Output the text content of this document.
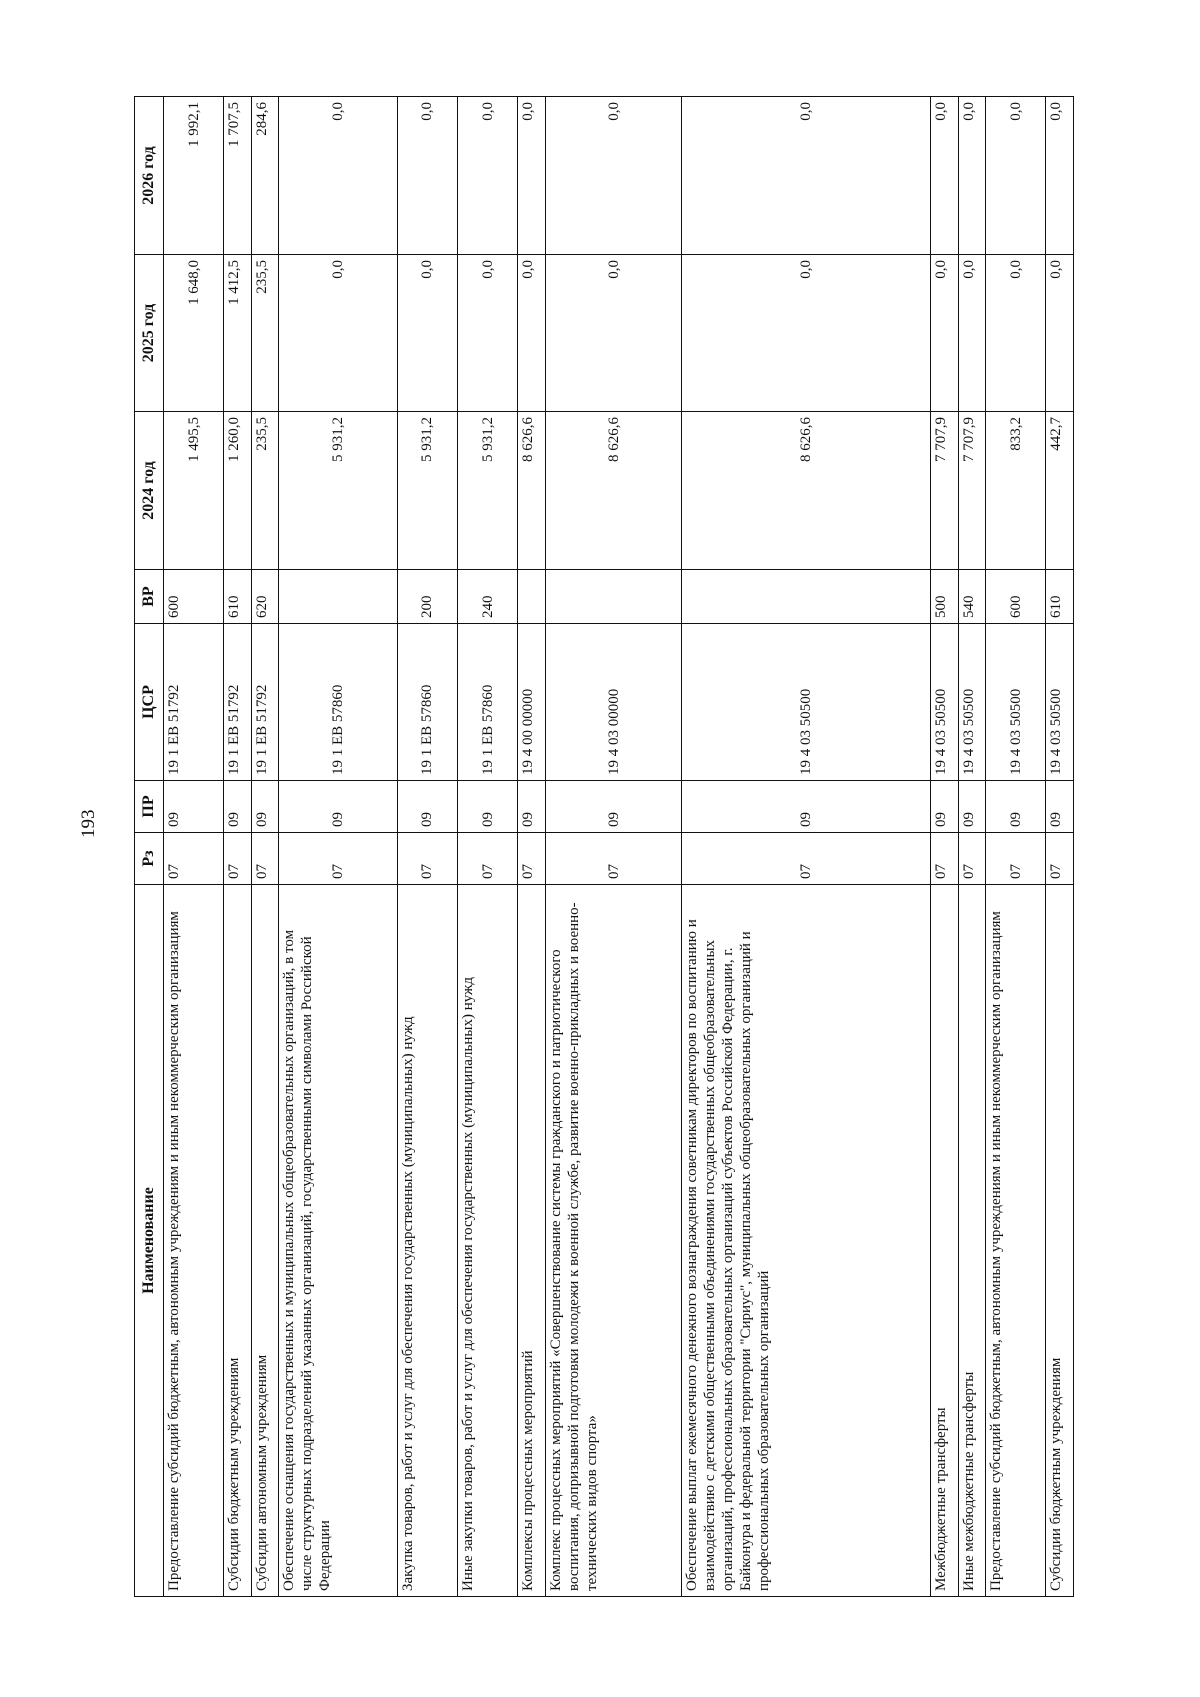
193
Наименование	Рз	ПР	ЦСР	ВР	2024 год	2025 год	2026 год
Предоставление субсидий бюджетным, автономным учреждениям и иным некоммерческим организациям	07	09	19 1 EB 51792	600	1 495,5	1 648,0	1 992,1
Субсидии бюджетным учреждениям	07	09	19 1 EB 51792	610	1 260,0	1 412,5	1 707,5
Субсидии автономным учреждениям	07	09	19 1 EB 51792	620	235,5	235,5	284,6
Обеспечение оснащения государственных и муниципальных общеобразовательных организаций, в том числе структурных подразделений указанных организаций, государственными символами Российской Федерации	07	09	19 1 EB 57860		5 931,2	0,0	0,0
Закупка товаров, работ и услуг для обеспечения государственных (муниципальных) нужд	07	09	19 1 EB 57860	200	5 931,2	0,0	0,0
Иные закупки товаров, работ и услуг для обеспечения государственных (муниципальных) нужд	07	09	19 1 EB 57860	240	5 931,2	0,0	0,0
Комплексы процессных мероприятий	07	09	19 4 00 00000		8 626,6	0,0	0,0
Комплекс процессных мероприятий «Совершенствование системы гражданского и патриотического воспитания, допризывной подготовки молодежи к военной службе, развитие военно-прикладных и военно-технических видов спорта»	07	09	19 4 03 00000		8 626,6	0,0	0,0
Обеспечение выплат ежемесячного денежного вознаграждения советникам директоров по воспитанию и взаимодействию с детскими общественными объединениями государственных общеобразовательных организаций, профессиональных образовательных организаций субъектов Российской Федерации, г. Байконура и федеральной территории "Сириус", муниципальных общеобразовательных организаций и профессиональных образовательных организаций	07	09	19 4 03 50500		8 626,6	0,0	0,0
Межбюджетные трансферты	07	09	19 4 03 50500	500	7 707,9	0,0	0,0
Иные межбюджетные трансферты	07	09	19 4 03 50500	540	7 707,9	0,0	0,0
Предоставление субсидий бюджетным, автономным учреждениям и иным некоммерческим организациям	07	09	19 4 03 50500	600	833,2	0,0	0,0
Субсидии бюджетным учреждениям	07	09	19 4 03 50500	610	442,7	0,0	0,0
